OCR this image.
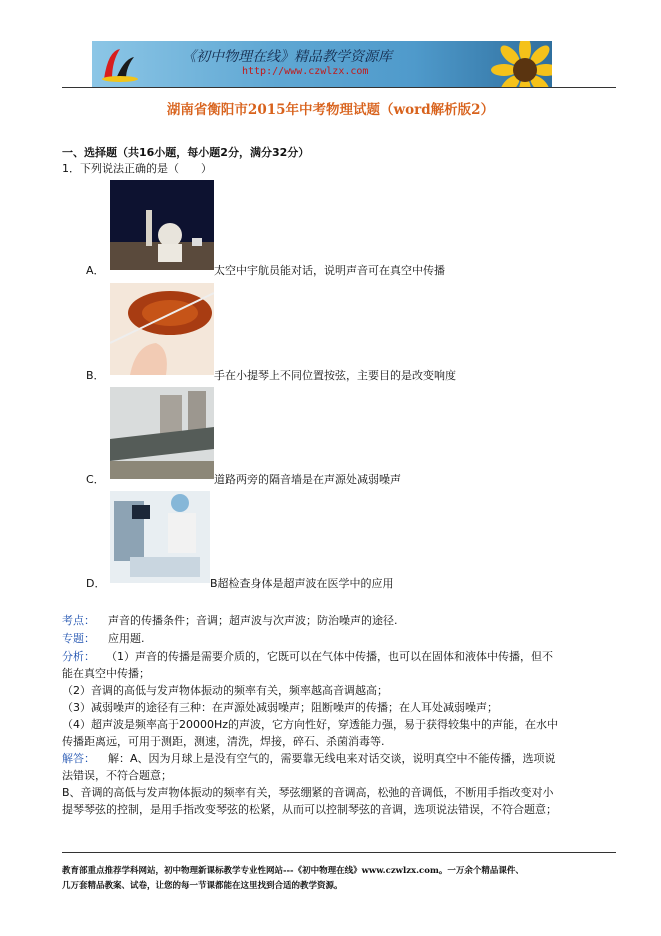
《初中物理在线》精品教学资源库
http://www.czwlzx.com
湖南省衡阳市2015年中考物理试题（word解析版2）
一、选择题（共16小题，每小题2分，满分32分）
1．下列说法正确的是（　　）
A．	太空中宇航员能对话，说明声音可在真空中传播
B．	手在小提琴上不同位置按弦，主要目的是改变响度
C．	道路两旁的隔音墙是在声源处减弱噪声
D．	B超检查身体是超声波在医学中的应用
考点： 声音的传播条件；音调；超声波与次声波；防治噪声的途径.
专题： 应用题.
分析： （1）声音的传播是需要介质的，它既可以在气体中传播，也可以在固体和液体中传播，但不
能在真空中传播；
（2）音调的高低与发声物体振动的频率有关，频率越高音调越高；
（3）减弱噪声的途径有三种：在声源处减弱噪声；阻断噪声的传播；在人耳处减弱噪声；
（4）超声波是频率高于20000Hz的声波，它方向性好，穿透能力强，易于获得较集中的声能，在水中
传播距离远，可用于测距，测速，清洗，焊接，碎石、杀菌消毒等.
解答： 解：A、因为月球上是没有空气的，需要靠无线电来对话交谈，说明真空中不能传播，选项说
法错误，不符合题意；
B、音调的高低与发声物体振动的频率有关，琴弦绷紧的音调高，松弛的音调低，不断用手指改变对小
提琴琴弦的控制，是用手指改变琴弦的松紧，从而可以控制琴弦的音调，选项说法错误，不符合题意；
教育部重点推荐学科网站，初中物理新课标教学专业性网站---《初中物理在线》www.czwlzx.com。一万余个精品课件、
几万套精品教案、试卷，让您的每一节课都能在这里找到合适的教学资源。
